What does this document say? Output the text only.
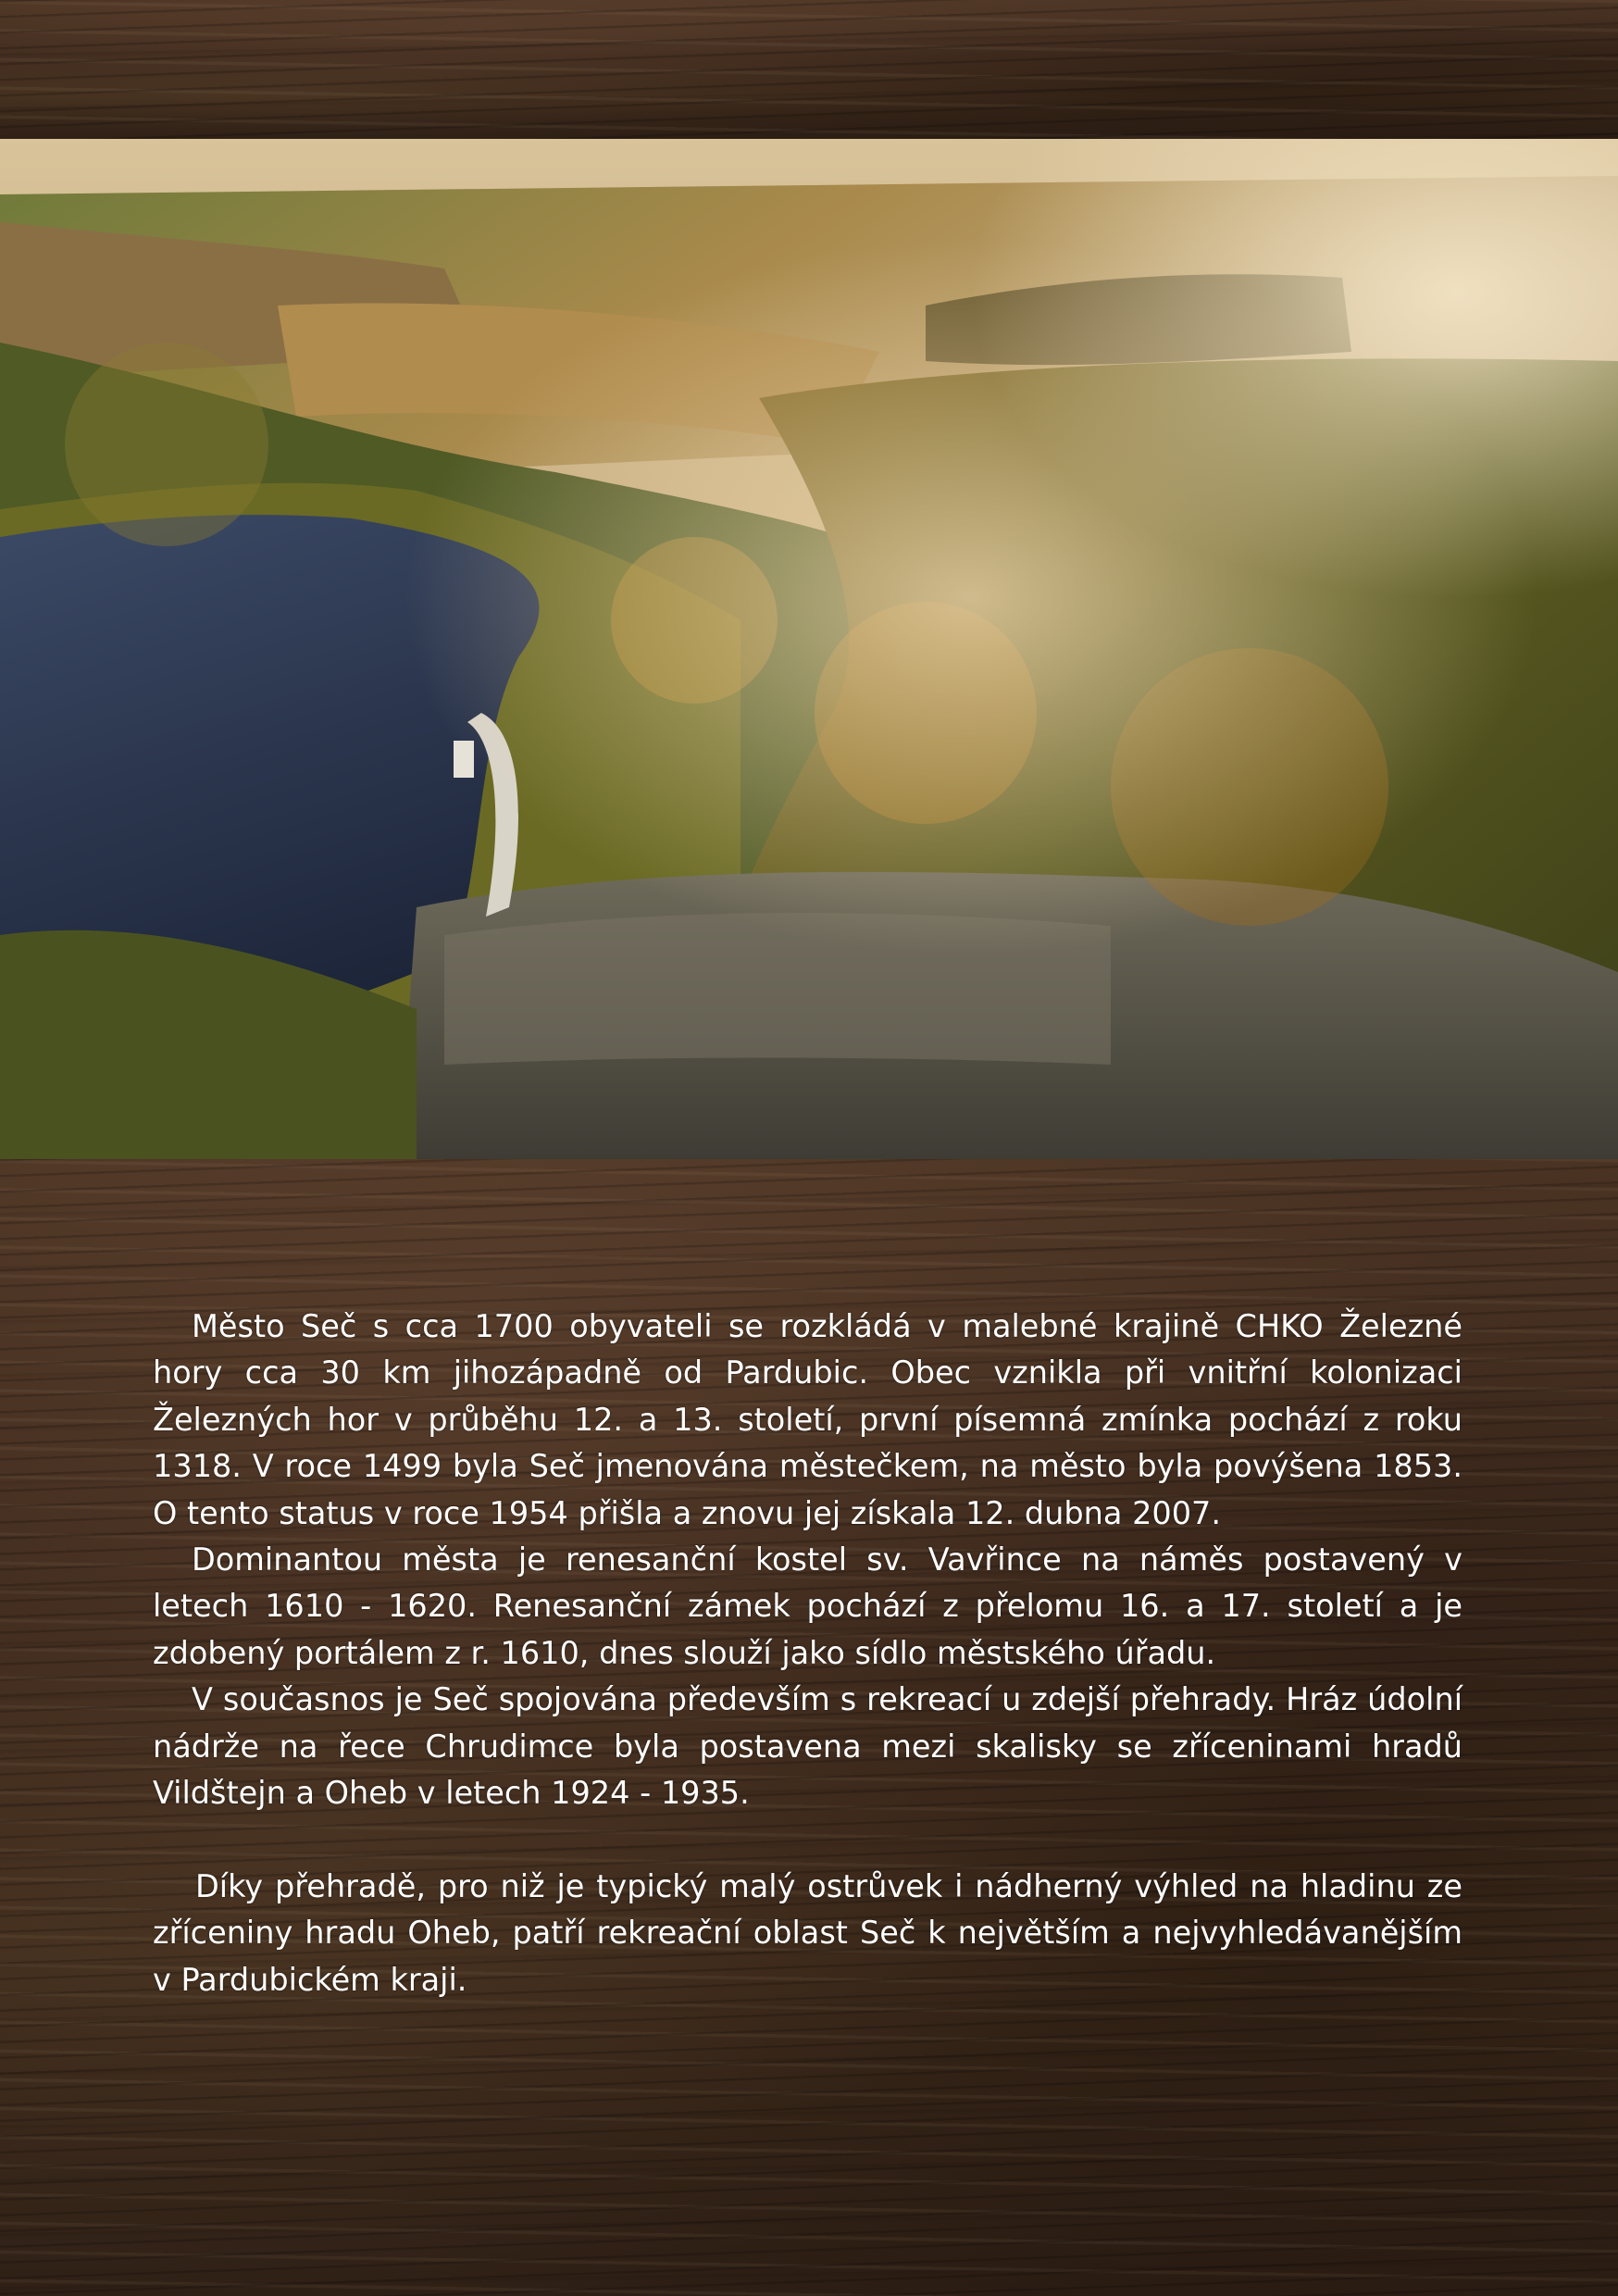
Město Seč s cca 1700 obyvateli se rozkládá v malebné krajině CHKO Železné hory cca 30 km jihozápadně od Pardubic. Obec vznikla při vnitřní kolonizaci Železných hor v průběhu 12. a 13. století, první písemná zmínka pochází z roku 1318. V roce 1499 byla Seč jmenována městečkem, na město byla povýšena 1853. O tento status v roce 1954 přišla a znovu jej získala 12. dubna 2007.

Dominantou města je renesanční kostel sv. Vavřince na náměs postavený v letech 1610 - 1620. Renesanční zámek pochází z přelomu 16. a 17. století a je zdobený portálem z r. 1610, dnes slouží jako sídlo městského úřadu.

V současnos je Seč spojována především s rekreací u zdejší přehrady. Hráz údolní nádrže na řece Chrudimce byla postavena mezi skalisky se zříceninami hradů Vildštejn a Oheb v letech 1924 - 1935.

Díky přehradě, pro niž je typický malý ostrůvek i nádherný výhled na hladinu ze zříceniny hradu Oheb, patří rekreační oblast Seč k největším a nejvyhledávanějším v Pardubickém kraji.
